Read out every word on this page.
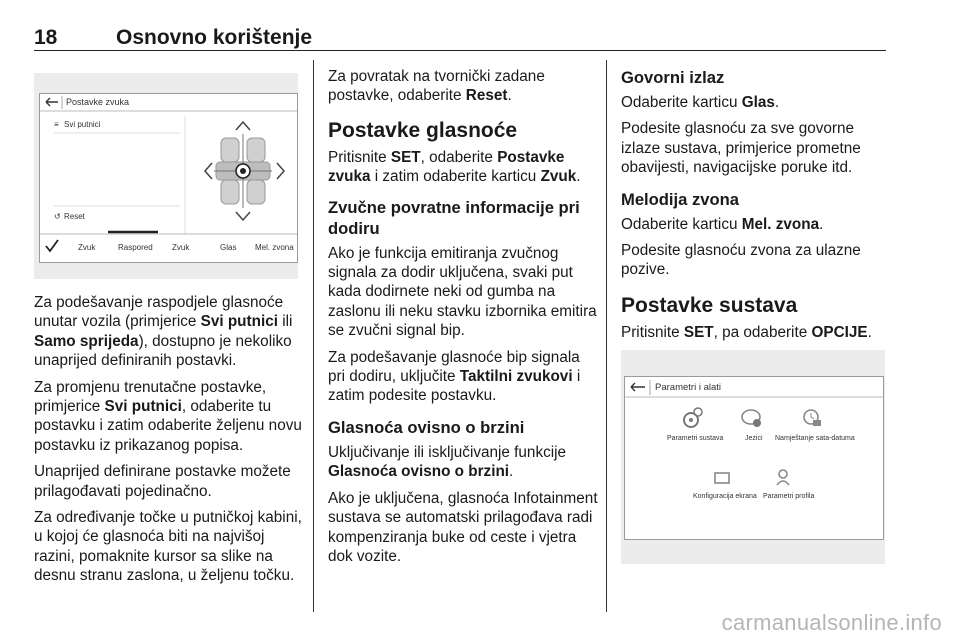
18	Osnovno korištenje
Postavke zvuka
≡ Svi putnici
↺ Reset
Zvuk	Raspored Zvuk	Glas Mel. zvona

Za podešavanje raspodjele glasnoće unutar vozila (primjerice Svi putnici ili Samo sprijeda), dostupno je nekoliko unaprijed definiranih postavki.

Za promjenu trenutačne postavke, primjerice Svi putnici, odaberite tu postavku i zatim odaberite željenu novu postavku iz prikazanog popisa.

Unaprijed definirane postavke možete prilagođavati pojedinačno.

Za određivanje točke u putničkoj kabini, u kojoj će glasnoća biti na najvišoj razini, pomaknite kursor sa slike na desnu stranu zaslona, u željenu točku.

Za povratak na tvornički zadane postavke, odaberite Reset.

Postavke glasnoće

Pritisnite SET, odaberite Postavke zvuka i zatim odaberite karticu Zvuk.

Zvučne povratne informacije pri dodiru

Ako je funkcija emitiranja zvučnog signala za dodir uključena, svaki put kada dodirnete neki od gumba na zaslonu ili neku stavku izbornika emitira se zvučni signal bip.

Za podešavanje glasnoće bip signala pri dodiru, uključite Taktilni zvukovi i zatim podesite postavku.

Glasnoća ovisno o brzini

Uključivanje ili isključivanje funkcije Glasnoća ovisno o brzini.

Ako je uključena, glasnoća Infotainment sustava se automatski prilagođava radi kompenziranja buke od ceste i vjetra dok vozite.

Govorni izlaz

Odaberite karticu Glas.

Podesite glasnoću za sve govorne izlaze sustava, primjerice prometne obavijesti, navigacijske poruke itd.

Melodija zvona

Odaberite karticu Mel. zvona.

Podesite glasnoću zvona za ulazne pozive.

Postavke sustava

Pritisnite SET, pa odaberite OPCIJE.

Parametri i alati
Parametri sustava	Jezici Namještanje sata-datuma
Konfiguracija ekrana Parametri profila
carmanualsonline.info
